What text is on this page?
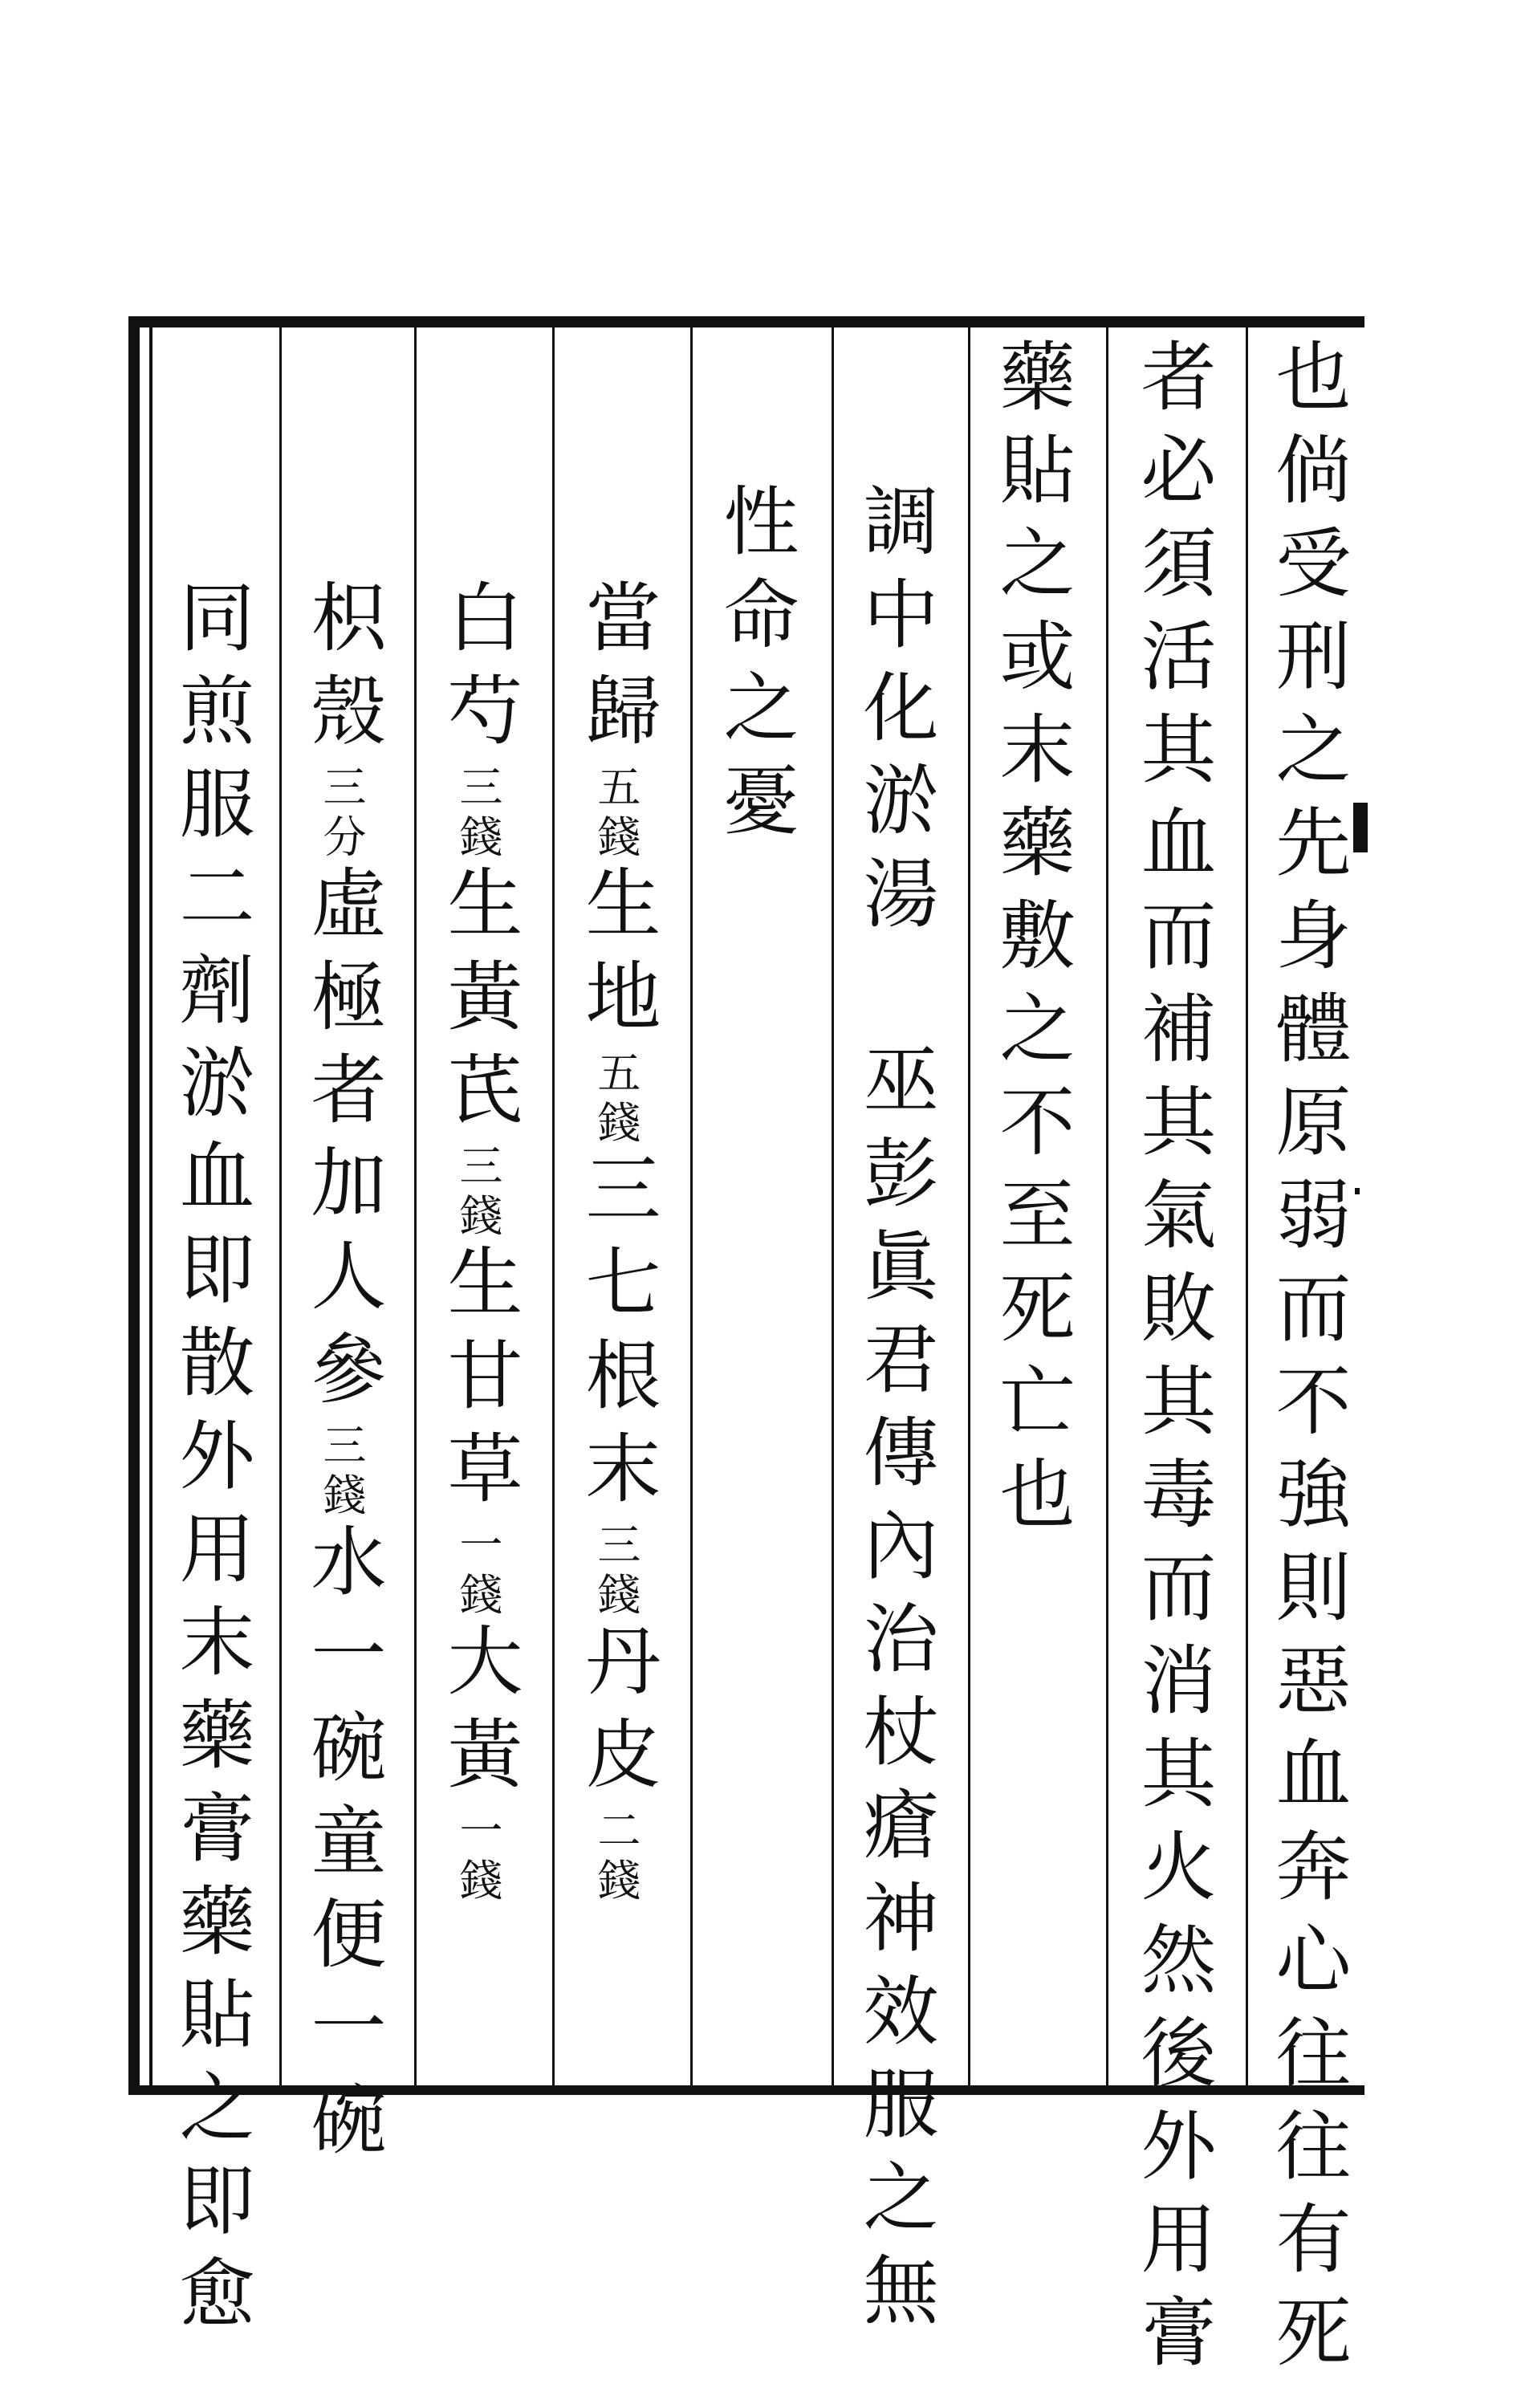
也倘受刑之先身體原弱而不強則惡血奔心往往有死
者必須活其血而補其氣敗其毒而消其火然後外用膏
藥貼之或末藥敷之不至死亡也
調中化淤湯　巫彭眞君傳內治杖瘡神效服之無
性命之憂
當歸五錢生地五錢三七根末三錢丹皮二錢
白芍三錢生黃芪三錢生甘草一錢大黃一錢
枳殼三分虛極者加人參三錢水一碗童便一碗
同煎服二劑淤血即散外用末藥膏藥貼之即愈
